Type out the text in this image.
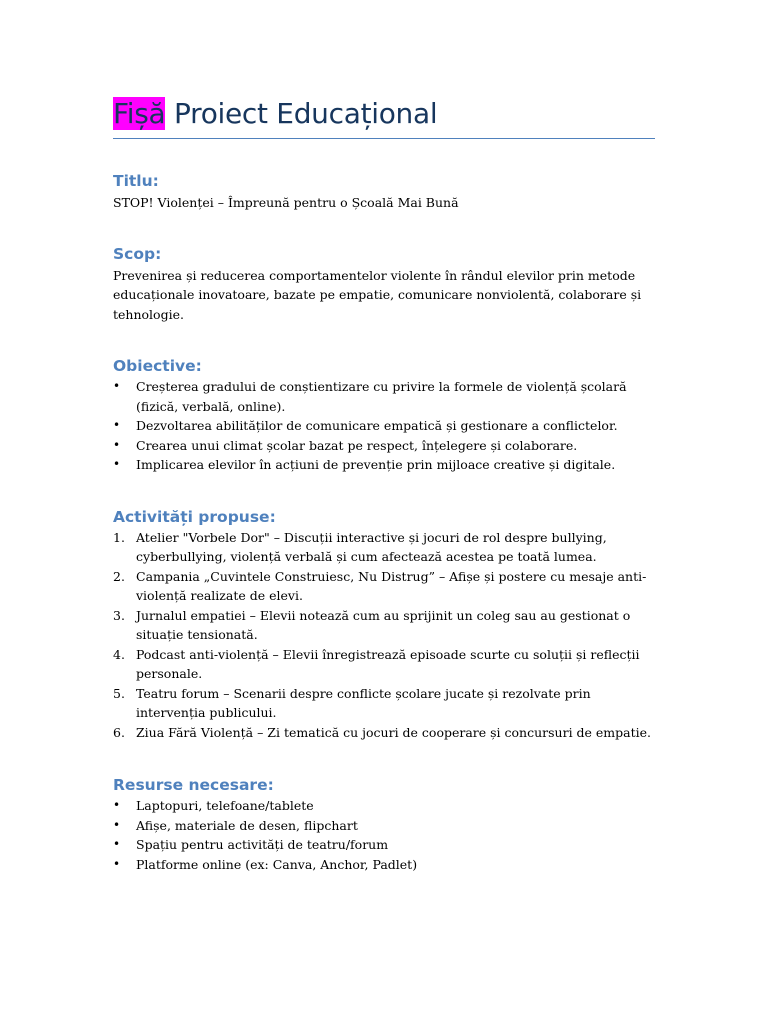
Fișă Proiect Educațional
Titlu:

STOP! Violenței – Împreună pentru o Școală Mai Bună

Scop:

Prevenirea și reducerea comportamentelor violente în rândul elevilor prin metode educaționale inovatoare, bazate pe empatie, comunicare nonviolentă, colaborare și tehnologie.

Obiective:
•	Creșterea gradului de conștientizare cu privire la formele de violență școlară (fizică, verbală, online).
•	Dezvoltarea abilităților de comunicare empatică și gestionare a conflictelor.
•	Crearea unui climat școlar bazat pe respect, înțelegere și colaborare.
•	Implicarea elevilor în acțiuni de prevenție prin mijloace creative și digitale.
Activități propuse:
1. Atelier "Vorbele Dor" – Discuții interactive și jocuri de rol despre bullying, cyberbullying, violență verbală și cum afectează acestea pe toată lumea.
2. Campania „Cuvintele Construiesc, Nu Distrug” – Afișe și postere cu mesaje anti-violență realizate de elevi.
3. Jurnalul empatiei – Elevii notează cum au sprijinit un coleg sau au gestionat o situație tensionată.
4. Podcast anti-violență – Elevii înregistrează episoade scurte cu soluții și reflecții personale.
5. Teatru forum – Scenarii despre conflicte școlare jucate și rezolvate prin intervenția publicului.
6. Ziua Fără Violență – Zi tematică cu jocuri de cooperare și concursuri de empatie.
Resurse necesare:
•	Laptopuri, telefoane/tablete
•	Afișe, materiale de desen, flipchart
•	Spațiu pentru activități de teatru/forum
•	Platforme online (ex: Canva, Anchor, Padlet)
